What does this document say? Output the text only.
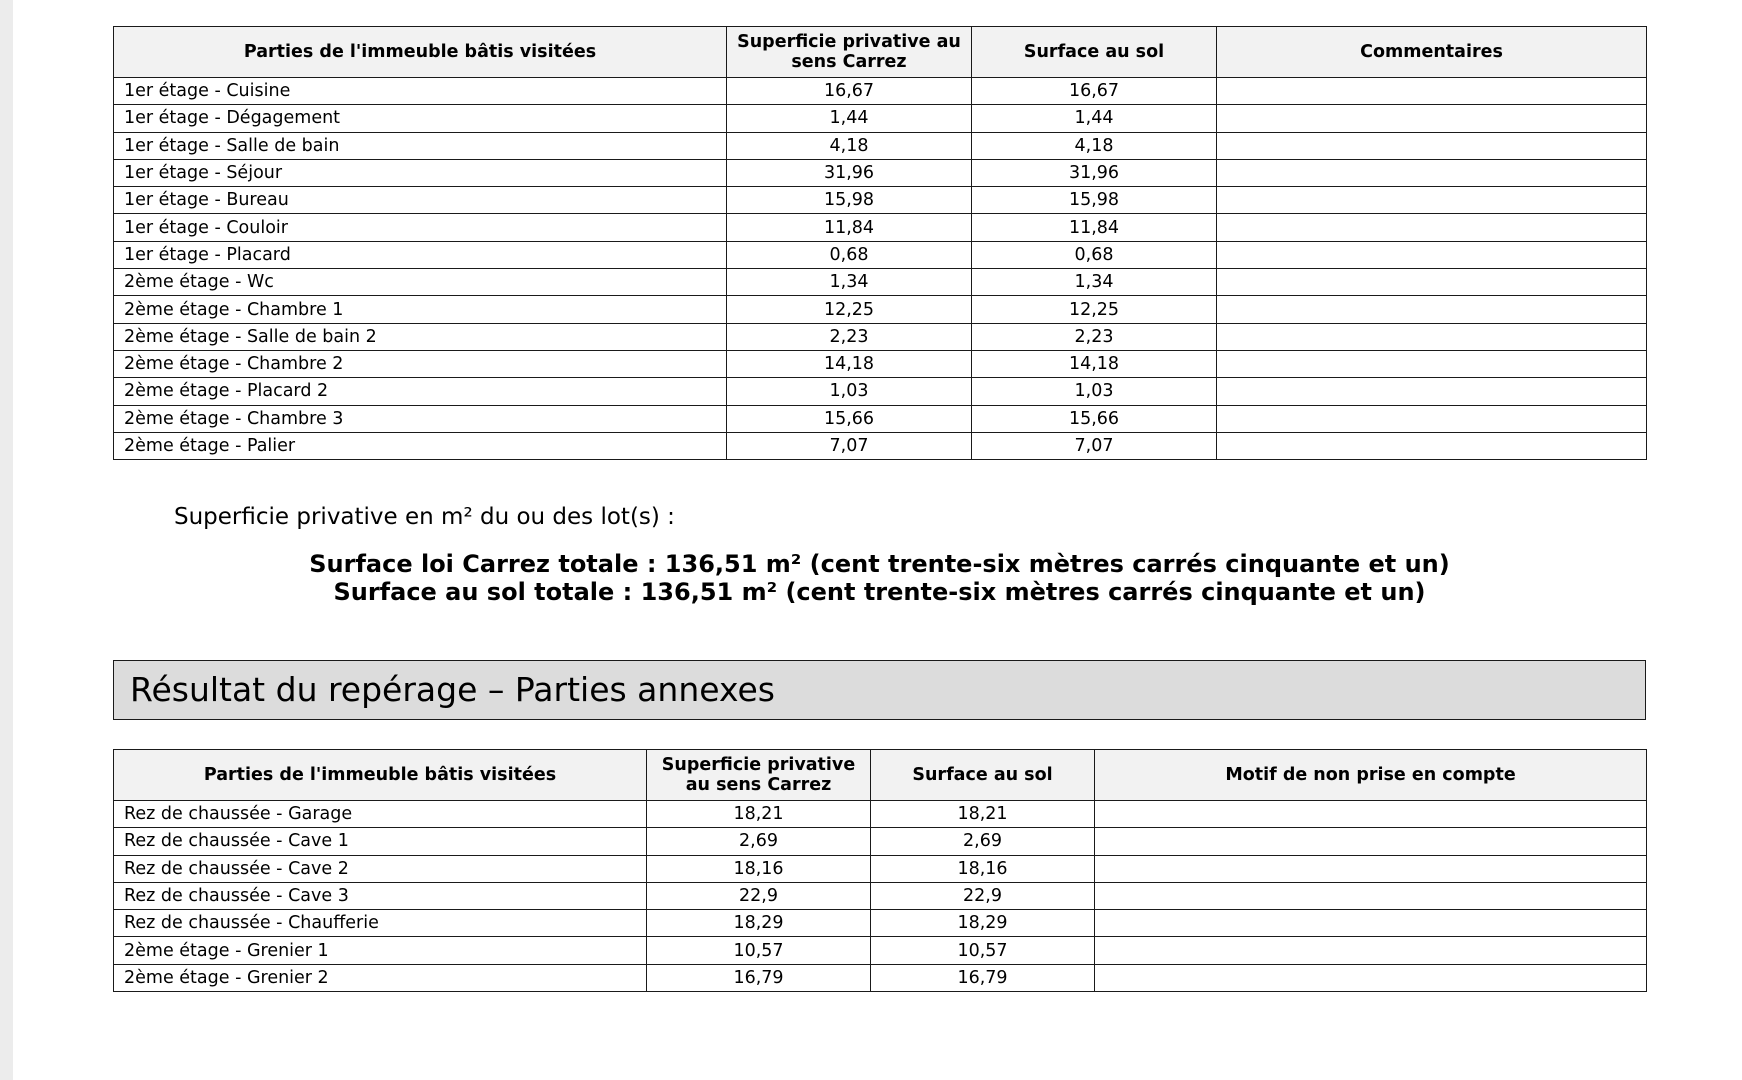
Parties de l'immeuble bâtis visitées	Superficie privative au sens Carrez	Surface au sol	Commentaires
1er étage - Cuisine	16,67	16,67	
1er étage - Dégagement	1,44	1,44	
1er étage - Salle de bain	4,18	4,18	
1er étage - Séjour	31,96	31,96	
1er étage - Bureau	15,98	15,98	
1er étage - Couloir	11,84	11,84	
1er étage - Placard	0,68	0,68	
2ème étage - Wc	1,34	1,34	
2ème étage - Chambre 1	12,25	12,25	
2ème étage - Salle de bain 2	2,23	2,23	
2ème étage - Chambre 2	14,18	14,18	
2ème étage - Placard 2	1,03	1,03	
2ème étage - Chambre 3	15,66	15,66	
2ème étage - Palier	7,07	7,07	
Superficie privative en m² du ou des lot(s) :
Surface loi Carrez totale : 136,51 m² (cent trente-six mètres carrés cinquante et un)
Surface au sol totale : 136,51 m² (cent trente-six mètres carrés cinquante et un)
Résultat du repérage – Parties annexes
Parties de l'immeuble bâtis visitées	Superficie privative au sens Carrez	Surface au sol	Motif de non prise en compte
Rez de chaussée - Garage	18,21	18,21	
Rez de chaussée - Cave 1	2,69	2,69	
Rez de chaussée - Cave 2	18,16	18,16	
Rez de chaussée - Cave 3	22,9	22,9	
Rez de chaussée - Chaufferie	18,29	18,29	
2ème étage - Grenier 1	10,57	10,57	
2ème étage - Grenier 2	16,79	16,79	
